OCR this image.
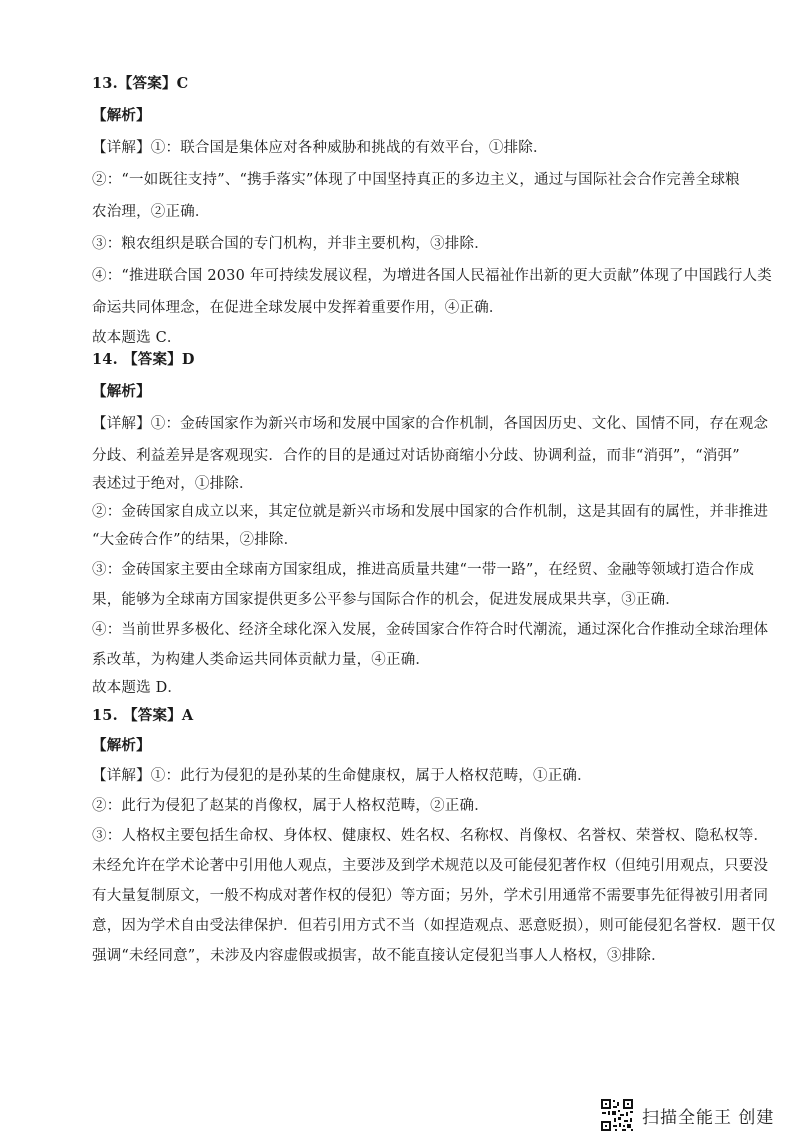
13.【答案】C
【解析】
【详解】①：联合国是集体应对各种威胁和挑战的有效平台，①排除．
②：“一如既往支持”、“携手落实”体现了中国坚持真正的多边主义，通过与国际社会合作完善全球粮
农治理，②正确．
③：粮农组织是联合国的专门机构，并非主要机构，③排除．
④：“推进联合国 2030 年可持续发展议程，为增进各国人民福祉作出新的更大贡献”体现了中国践行人类
命运共同体理念，在促进全球发展中发挥着重要作用，④正确．
故本题选 C．
14. 【答案】D
【解析】
【详解】①：金砖国家作为新兴市场和发展中国家的合作机制，各国因历史、文化、国情不同，存在观念
分歧、利益差异是客观现实．合作的目的是通过对话协商缩小分歧、协调利益，而非“消弭”，“消弭”
表述过于绝对，①排除．
②：金砖国家自成立以来，其定位就是新兴市场和发展中国家的合作机制，这是其固有的属性，并非推进
“大金砖合作”的结果，②排除．
③：金砖国家主要由全球南方国家组成，推进高质量共建“一带一路”，在经贸、金融等领域打造合作成
果，能够为全球南方国家提供更多公平参与国际合作的机会，促进发展成果共享，③正确．
④：当前世界多极化、经济全球化深入发展，金砖国家合作符合时代潮流，通过深化合作推动全球治理体
系改革，为构建人类命运共同体贡献力量，④正确．
故本题选 D．
15. 【答案】A
【解析】
【详解】①：此行为侵犯的是孙某的生命健康权，属于人格权范畴，①正确．
②：此行为侵犯了赵某的肖像权，属于人格权范畴，②正确．
③：人格权主要包括生命权、身体权、健康权、姓名权、名称权、肖像权、名誉权、荣誉权、隐私权等．
未经允许在学术论著中引用他人观点，主要涉及到学术规范以及可能侵犯著作权（但纯引用观点，只要没
有大量复制原文，一般不构成对著作权的侵犯）等方面；另外，学术引用通常不需要事先征得被引用者同
意，因为学术自由受法律保护．但若引用方式不当（如捏造观点、恶意贬损），则可能侵犯名誉权．题干仅
强调“未经同意”，未涉及内容虚假或损害，故不能直接认定侵犯当事人人格权，③排除．
扫描全能王 创建
